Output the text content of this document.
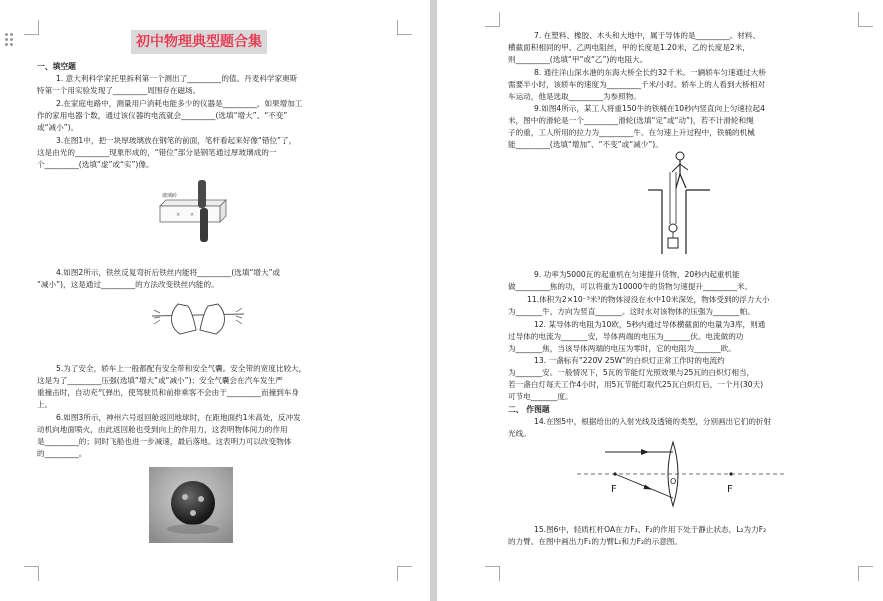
初中物理典型题合集
一、填空题
1. 意大利科学家托里拆利第一个测出了_________的值。丹麦科学家奥斯
特第一个用实验发现了_________周围存在磁场。
2.在家庭电路中，测量用户消耗电能多少的仪器是_________，如果增加工
作的家用电器个数，通过该仪器的电流就会_________(选填“增大”、“不变”
或“减小”)。
3.在图1中，把一块厚玻璃放在钢笔的前面，笔杆看起来好像“错位”了，
这是由光的_________现象形成的，“错位”部分是钢笔通过厚玻璃成的一
个_________(选填“虚”或“实”)像。
玻璃砖
× ×
4.如图2所示，铁丝反复弯折后铁丝内能将_________(选填“增大”或
“减小”)，这是通过_________的方法改变铁丝内能的。
5.为了安全，轿车上一般都配有安全带和安全气囊。安全带的宽度比较大，
这是为了_________压强(选填“增大”或“减小”)；安全气囊会在汽车发生严
重撞击时，自动充气弹出，使驾驶员和前排乘客不会由于_________而撞到车身
上。
6.如图3所示，神州六号返回舱返回地球时，在距地面约1米高处，反冲发
动机向地面喷火，由此返回舱也受到向上的作用力，这表明物体间力的作用
是_________的；同时飞船也进一步减速，最后落地。这表明力可以改变物体
的_________。
7. 在塑料、橡胶、木头和大地中，属于导体的是_________。材料、
横截面积相同的甲、乙两电阻丝，甲的长度是1.20米，乙的长度是2米，
则_________(选填“甲”或“乙”)的电阻大。
8. 通往洋山深水港的东海大桥全长约32千米。一辆轿车匀速通过大桥
需要半小时，该轿车的速度为_________千米/小时。轿车上的人看到大桥相对
车运动，他是选取_________为参照物。
9.如图4所示，某工人将重150牛的铁桶在10秒内竖直向上匀速拉起4
米，图中的滑轮是一个_________滑轮(选填“定”或“动”)，若不计滑轮和绳
子的重，工人所用的拉力为_________牛。在匀速上升过程中，铁桶的机械
能_________(选填“增加”、“不变”或“减少”)。
9. 功率为5000瓦的起重机在匀速提升货物，20秒内起重机能
做_________焦的功，可以将重为10000牛的货物匀速提升_________米。
11.体积为2×10⁻³米³的物体浸没在水中10米深处，物体受到的浮力大小
为_______牛，方向为竖直_______。这时水对该物体的压强为_______帕。
12. 某导体的电阻为10欧，5秒内通过导体横截面的电量为3库，则通
过导体的电流为_______安，导体两端的电压为_______伏。电流做的功
为_______焦，当该导体两端的电压为零时，它的电阻为_______欧。
13. 一盏标有“220V 25W”的白炽灯正常工作时的电流约
为_______安。一般情况下，5瓦的节能灯光照效果与25瓦的白炽灯相当，
若一盏白灯每天工作4小时，用5瓦节能灯取代25瓦白炽灯后，一个月(30天)
可节电_______度。
二、 作图题
14.在图5中，根据给出的入射光线及透镜的类型，分别画出它们的折射
光线。
F
O
F
15.图6中，轻质杠杆OA在力F₁、F₂的作用下处于静止状态，L₂为力F₂
的力臂。在图中画出力F₁的力臂L₁和力F₂的示意图。
